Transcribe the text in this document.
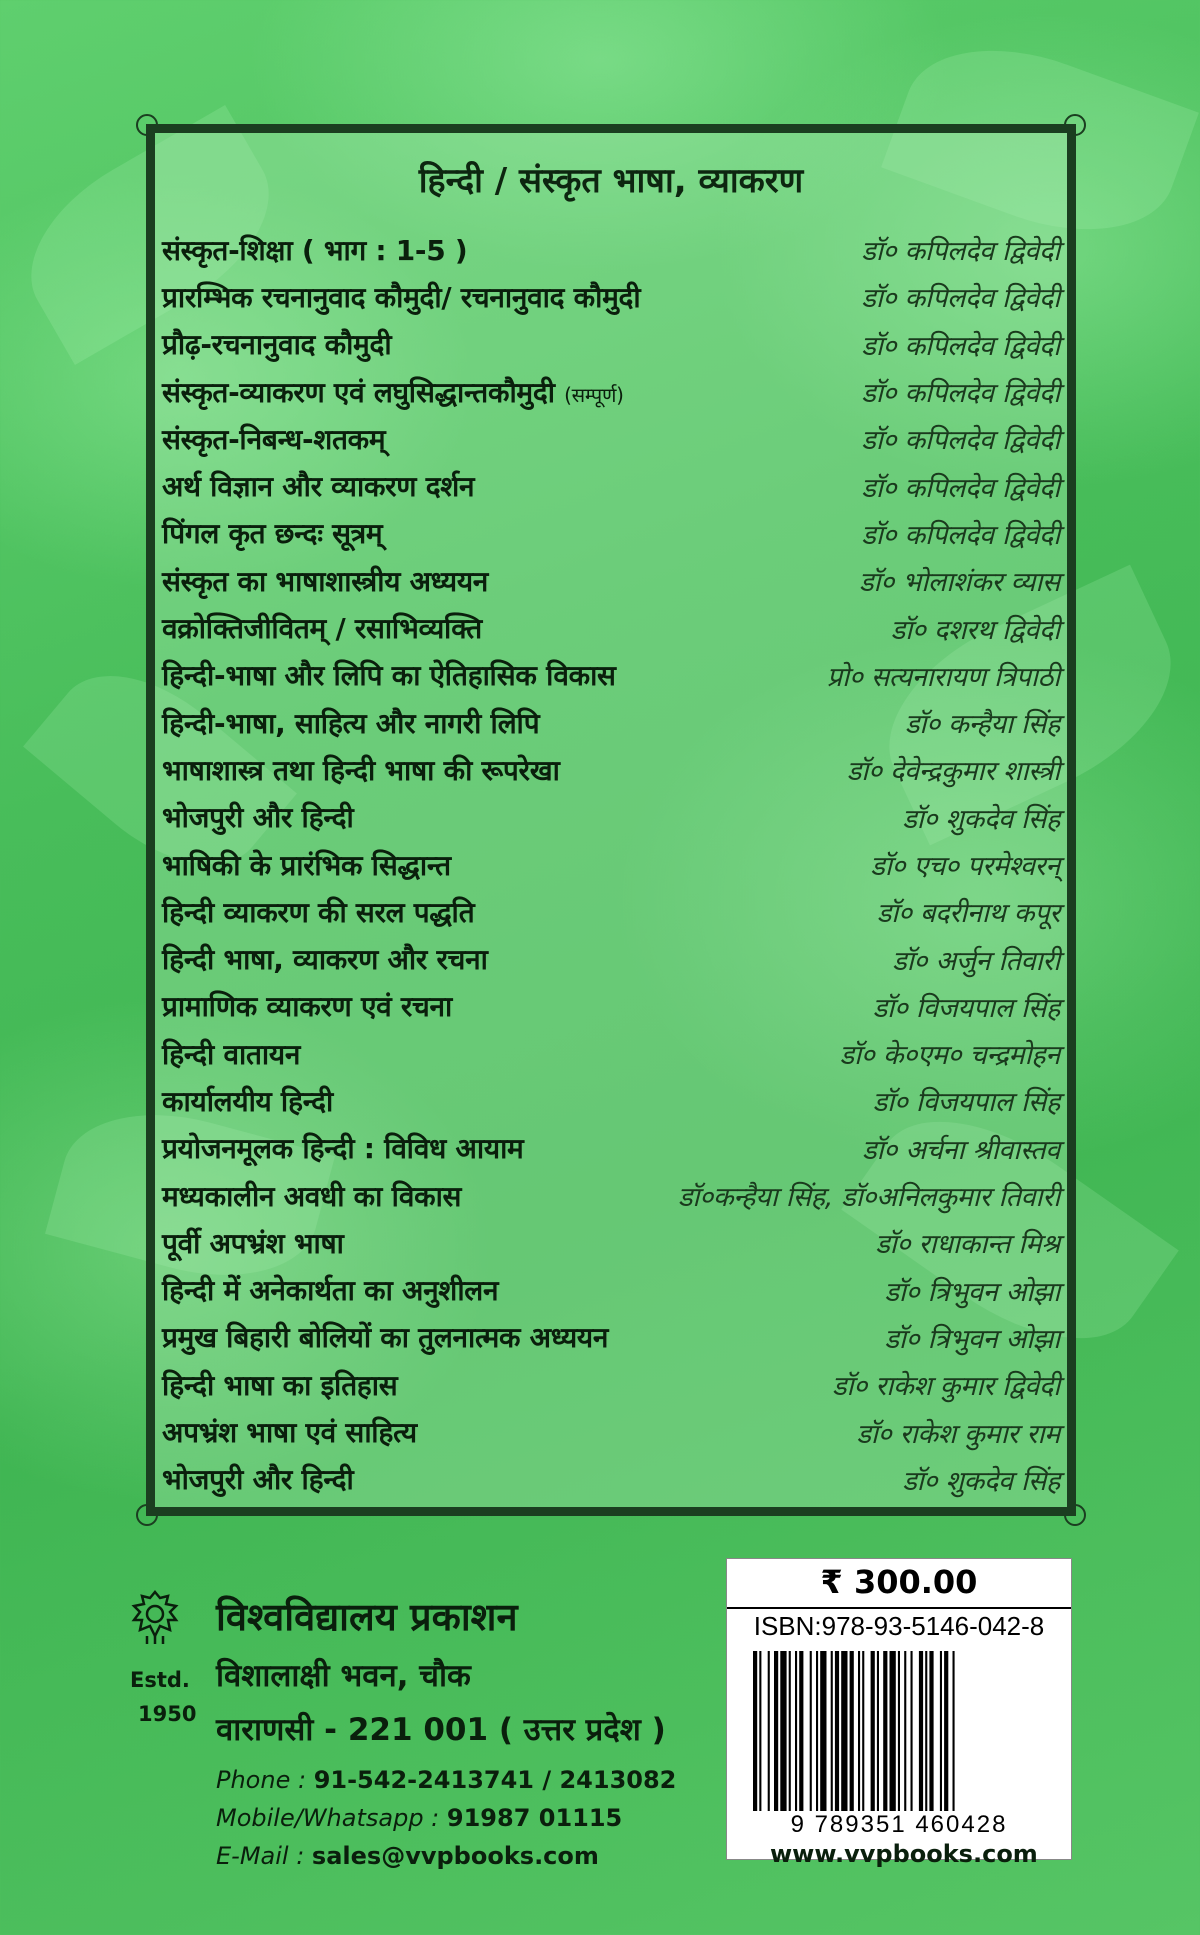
हिन्दी / संस्कृत भाषा, व्याकरण
संस्कृत-शिक्षा ( भाग : 1-5 )	डॉ० कपिलदेव द्विवेदी
प्रारम्भिक रचनानुवाद कौमुदी/ रचनानुवाद कौमुदी	डॉ० कपिलदेव द्विवेदी
प्रौढ़-रचनानुवाद कौमुदी	डॉ० कपिलदेव द्विवेदी
संस्कृत-व्याकरण एवं लघुसिद्धान्तकौमुदी (सम्पूर्ण)	डॉ० कपिलदेव द्विवेदी
संस्कृत-निबन्ध-शतकम्	डॉ० कपिलदेव द्विवेदी
अर्थ विज्ञान और व्याकरण दर्शन	डॉ० कपिलदेव द्विवेदी
पिंगल कृत छन्दः सूत्रम्	डॉ० कपिलदेव द्विवेदी
संस्कृत का भाषाशास्त्रीय अध्ययन	डॉ० भोलाशंकर व्यास
वक्रोक्तिजीवितम् / रसाभिव्यक्ति	डॉ० दशरथ द्विवेदी
हिन्दी-भाषा और लिपि का ऐतिहासिक विकास	प्रो० सत्यनारायण त्रिपाठी
हिन्दी-भाषा, साहित्य और नागरी लिपि	डॉ० कन्हैया सिंह
भाषाशास्त्र तथा हिन्दी भाषा की रूपरेखा	डॉ० देवेन्द्रकुमार शास्त्री
भोजपुरी और हिन्दी	डॉ० शुकदेव सिंह
भाषिकी के प्रारंभिक सिद्धान्त	डॉ० एच० परमेश्वरन्
हिन्दी व्याकरण की सरल पद्धति	डॉ० बदरीनाथ कपूर
हिन्दी भाषा, व्याकरण और रचना	डॉ० अर्जुन तिवारी
प्रामाणिक व्याकरण एवं रचना	डॉ० विजयपाल सिंह
हिन्दी वातायन	डॉ० के०एम० चन्द्रमोहन
कार्यालयीय हिन्दी	डॉ० विजयपाल सिंह
प्रयोजनमूलक हिन्दी : विविध आयाम	डॉ० अर्चना श्रीवास्तव
मध्यकालीन अवधी का विकास	डॉ०कन्हैया सिंह, डॉ०अनिलकुमार तिवारी
पूर्वी अपभ्रंश भाषा	डॉ० राधाकान्त मिश्र
हिन्दी में अनेकार्थता का अनुशीलन	डॉ० त्रिभुवन ओझा
प्रमुख बिहारी बोलियों का तुलनात्मक अध्ययन	डॉ० त्रिभुवन ओझा
हिन्दी भाषा का इतिहास	डॉ० राकेश कुमार द्विवेदी
अपभ्रंश भाषा एवं साहित्य	डॉ० राकेश कुमार राम
भोजपुरी और हिन्दी	डॉ० शुकदेव सिंह
विश्वविद्यालय प्रकाशन
Estd.
1950
विशालाक्षी भवन, चौक
वाराणसी - 221 001 ( उत्तर प्रदेश )
Phone : 91-542-2413741 / 2413082
Mobile/Whatsapp : 91987 01115
E-Mail : sales@vvpbooks.com
₹ 300.00
ISBN:978-93-5146-042-8
9 789351 460428
www.vvpbooks.com
